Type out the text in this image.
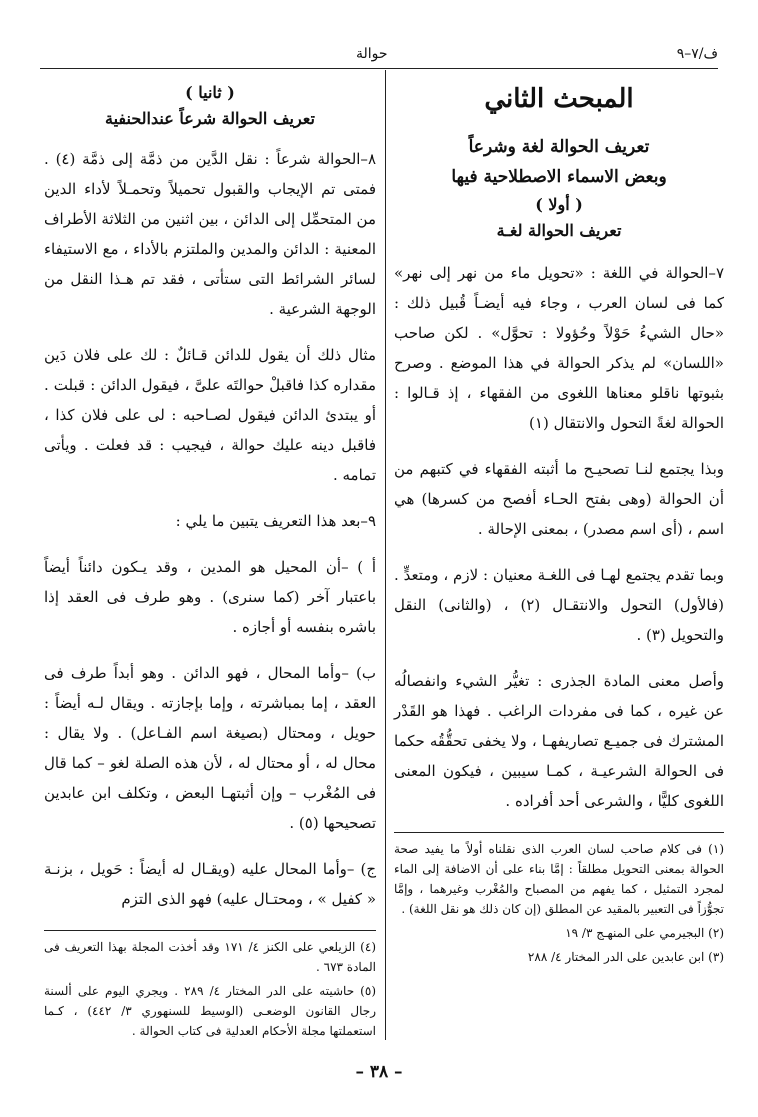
حوالة	ف/٧–٩
المبحث الثاني
تعريف الحوالة لغة وشرعاً
وبعض الاسماء الاصطلاحية فيها
( أولا )
تعريف الحوالة لغـة

٧–الحوالة في اللغة : «تحويل ماء من نهر إلى نهر» كما فى لسان العرب ، وجاء فيه أيضـاً قُبيل ذلك : «حال الشيءُ حَوْلاً وحُؤولا : تحوَّل» . لكن صاحب «اللسان» لم يذكر الحوالة في هذا الموضع . وصرح بثبوتها ناقلو معناها اللغوى من الفقهاء ، إذ قـالوا : الحوالة لغةً التحول والانتقال (١)

وبذا يجتمع لنـا تصحيـح ما أثبته الفقهاء في كتبهم من أن الحوالة (وهى بفتح الحـاء أفصح من كسرها) هي اسم ، (أى اسم مصدر) ، بمعنى الإحالة .

وبما تقدم يجتمع لهـا فى اللغـة معنيان : لازم ، ومتعدٍّ . (فالأول) التحول والانتقـال (٢) ، (والثانى) النقل والتحويل (٣) .

وأصل معنى المادة الجذرى : تغيُّر الشيء وانفصالُه عن غيره ، كما فى مفردات الراغب . فهذا هو القَدْر المشترك فى جميـع تصاريفهـا ، ولا يخفى تحقُّقُه حكما فى الحوالة الشرعيـة ، كمـا سيبين ، فيكون المعنى اللغوى كليًّا ، والشرعى أحد أفراده .

(١) فى كلام صاحب لسان العرب الذى نقلناه أولاً ما يفيد صحة الحوالة بمعنى التحويل مطلقاً : إمَّا بناء على أن الاضافة إلى الماء لمجرد التمثيل ، كما يفهم من المصباح والمُغْرب وغيرهما ، وإمَّا تجوُّزاً فى التعبير بالمقيد عن المطلق (إن كان ذلك هو نقل اللغة) .
(٢) البجيرمي على المنهـج ٣/ ١٩
(٣) ابن عابدين على الدر المختار ٤/ ٢٨٨
( ثانيا )
تعريف الحوالة شرعاً عندالحنفية

٨–الحوالة شرعاً : نقل الدَّين من ذمَّة إلى ذمَّة (٤) . فمتى تم الإيجاب والقبول تحميلاً وتحمـلاً لأداء الدين من المتحمِّل إلى الدائن ، بين اثنين من الثلاثة الأطراف المعنية : الدائن والمدين والملتزم بالأداء ، مع الاستيفاء لسائر الشرائط التى ستأتى ، فقد تم هـذا النقل من الوجهة الشرعية .

مثال ذلك أن يقول للدائن قـائلٌ : لك على فلان دَين مقداره كذا فاقبلْ حوالتَه علىَّ ، فيقول الدائن : قبلت . أو يبتدئ الدائن فيقول لصـاحبه : لى على فلان كذا ، فاقبل دينه عليك حوالة ، فيجيب : قد فعلت . ويأتى تمامه .

٩–بعد هذا التعريف يتبين ما يلي :

أ ) –أن المحيل هو المدين ، وقد يـكون دائناً أيضاً باعتبار آخر (كما سنرى) . وهو طرف فى العقد إذا باشره بنفسه أو أجازه .

ب) –وأما المحال ، فهو الدائن . وهو أبداً طرف فى العقد ، إما بمباشرته ، وإما بإجازته . ويقال لـه أيضاً : حويل ، ومحتال (بصيغة اسم الفـاعل) . ولا يقال : محال له ، أو محتال له ، لأن هذه الصلة لغو – كما قال فى المُغْرب – وإن أثبتهـا البعض ، وتكلف ابن عابدين تصحيحها (٥) .

ج) –وأما المحال عليه (ويقـال له أيضاً : حَويل ، بزنـة « كفيل » ، ومحتـال عليه) فهو الذى التزم

(٤) الزيلعي على الكنز ٤/ ١٧١ وقد أخذت المجلة بهذا التعريف فى المادة ٦٧٣ .
(٥) حاشيته على الدر المختار ٤/ ٢٨٩ . ويجري اليوم على ألسنة رجال القانون الوضعـى (الوسيط للسنهوري ٣/ ٤٤٢) ، كـما استعملتها مجلة الأحكام العدلية فى كتاب الحوالة .
– ٣٨ –
